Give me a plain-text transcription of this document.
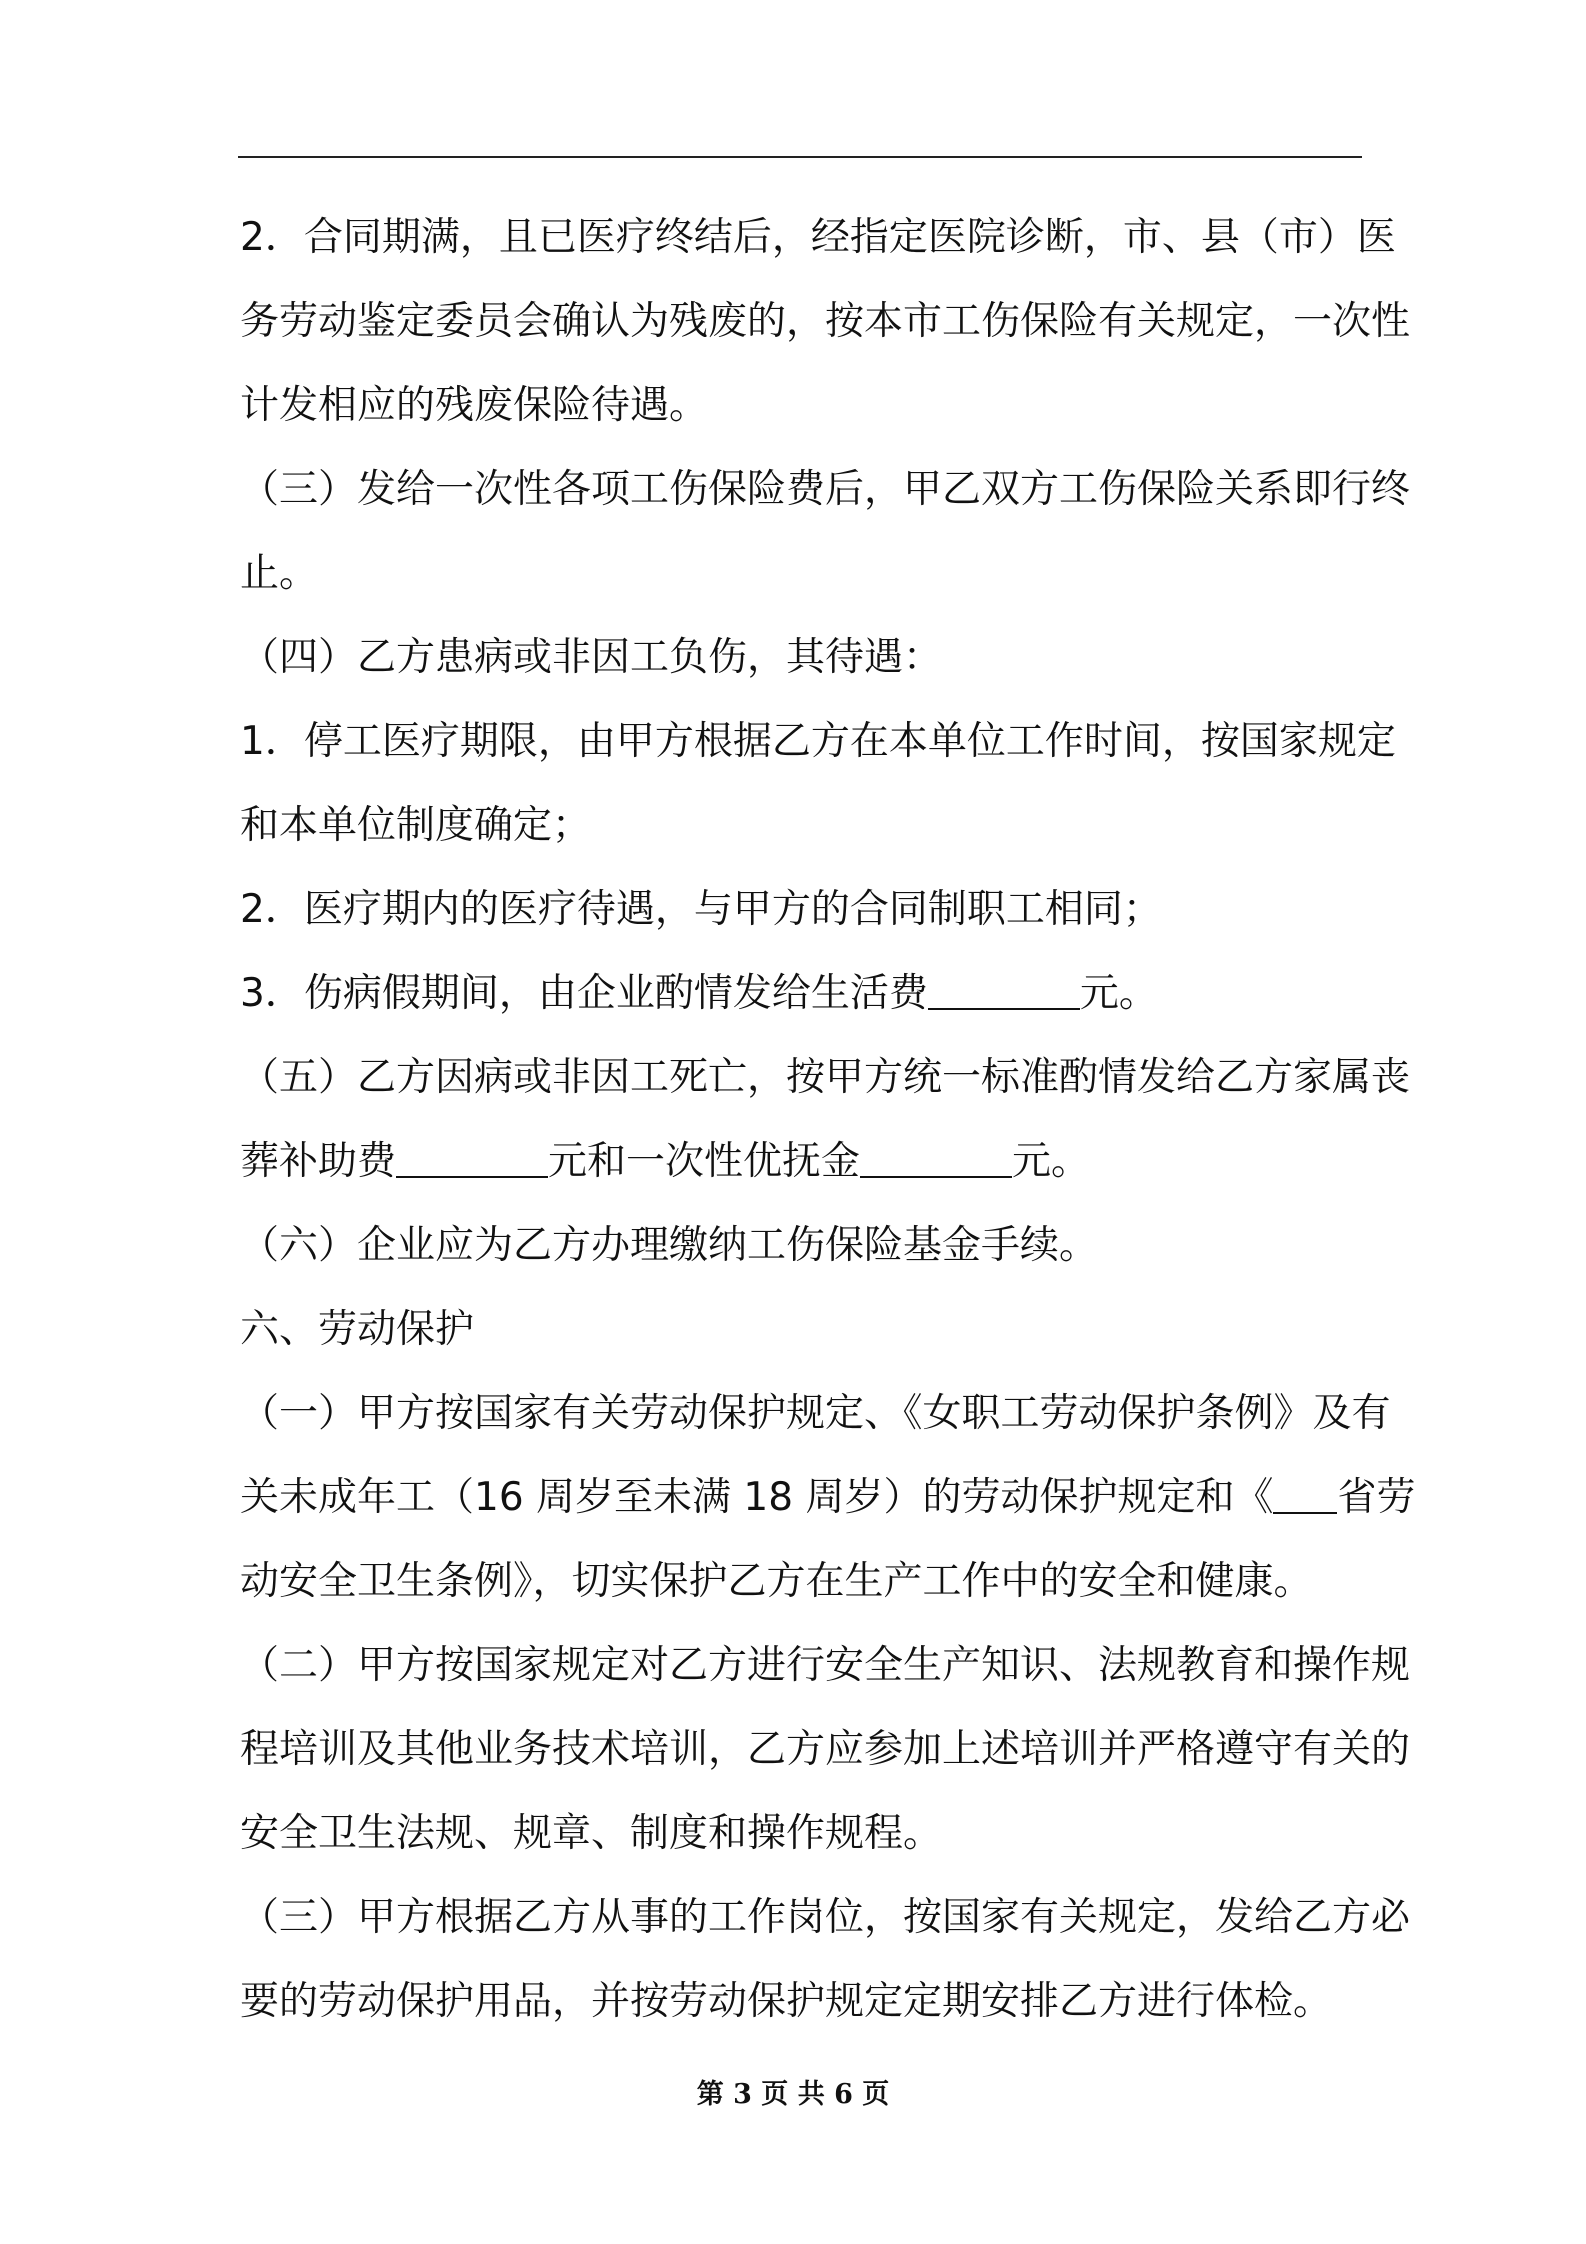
2．合同期满，且已医疗终结后，经指定医院诊断，市、县（市）医
务劳动鉴定委员会确认为残废的，按本市工伤保险有关规定，一次性
计发相应的残废保险待遇。
（三）发给一次性各项工伤保险费后，甲乙双方工伤保险关系即行终
止。
（四）乙方患病或非因工负伤，其待遇：
1．停工医疗期限，由甲方根据乙方在本单位工作时间，按国家规定
和本单位制度确定；
2．医疗期内的医疗待遇，与甲方的合同制职工相同；
3．伤病假期间，由企业酌情发给生活费	元。
（五）乙方因病或非因工死亡，按甲方统一标准酌情发给乙方家属丧
葬补助费	元和一次性优抚金	元。
（六）企业应为乙方办理缴纳工伤保险基金手续。
六、劳动保护
（一）甲方按国家有关劳动保护规定、《女职工劳动保护条例》及有
关未成年工（16 周岁至未满 18 周岁）的劳动保护规定和《 省劳
动安全卫生条例》，切实保护乙方在生产工作中的安全和健康。
（二）甲方按国家规定对乙方进行安全生产知识、法规教育和操作规
程培训及其他业务技术培训，乙方应参加上述培训并严格遵守有关的
安全卫生法规、规章、制度和操作规程。
（三）甲方根据乙方从事的工作岗位，按国家有关规定，发给乙方必
要的劳动保护用品，并按劳动保护规定定期安排乙方进行体检。
第 3 页 共 6 页
